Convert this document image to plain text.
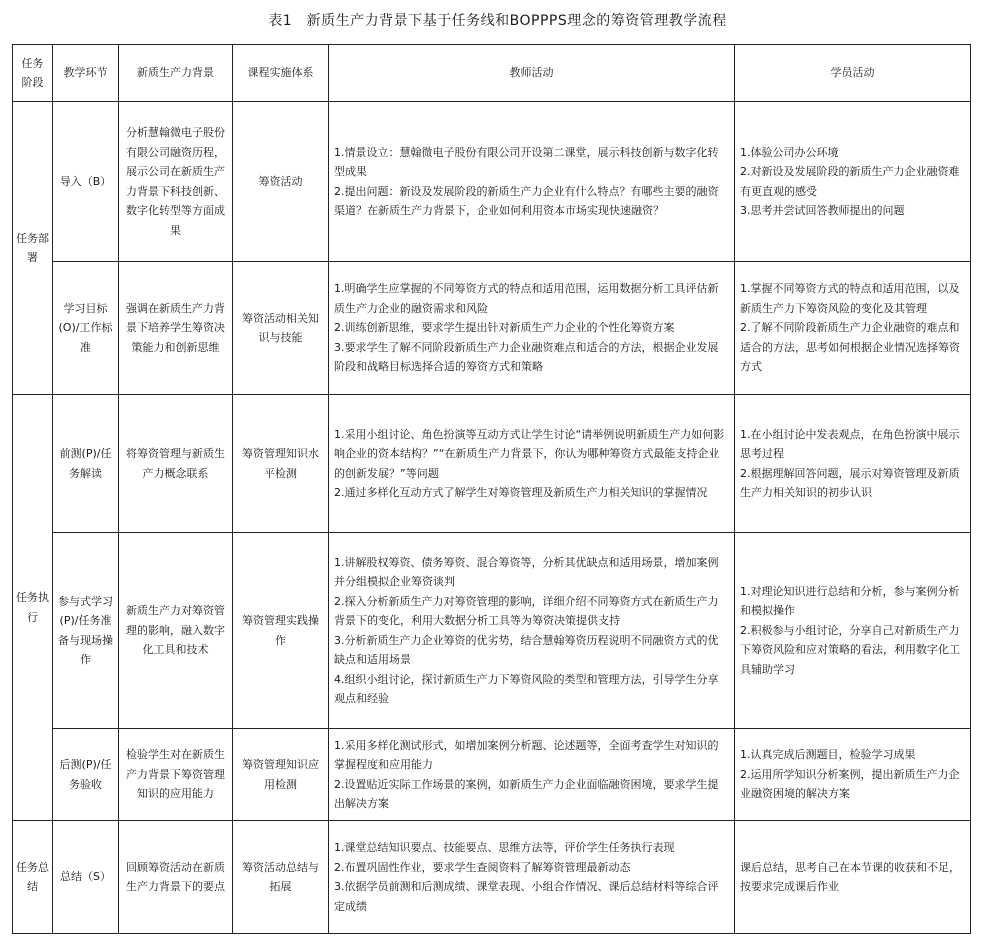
表1　新质生产力背景下基于任务线和BOPPPS理念的筹资管理教学流程
任务阶段	教学环节	新质生产力背景	课程实施体系	教师活动	学员活动
任务部署	导入（B）	分析慧翰微电子股份有限公司融资历程，展示公司在新质生产力背景下科技创新、数字化转型等方面成果	筹资活动	1.情景设立：慧翰微电子股份有限公司开设第二课堂，展示科技创新与数字化转型成果
2.提出问题：新设及发展阶段的新质生产力企业有什么特点？有哪些主要的融资渠道？在新质生产力背景下，企业如何利用资本市场实现快速融资？	1.体验公司办公环境
2.对新设及发展阶段的新质生产力企业融资难有更直观的感受
3.思考并尝试回答教师提出的问题

	学习目标(O)/工作标准	强调在新质生产力背景下培养学生筹资决策能力和创新思维	筹资活动相关知识与技能	1.明确学生应掌握的不同筹资方式的特点和适用范围，运用数据分析工具评估新质生产力企业的融资需求和风险
2.训练创新思维，要求学生提出针对新质生产力企业的个性化筹资方案
3.要求学生了解不同阶段新质生产力企业融资难点和适合的方法，根据企业发展阶段和战略目标选择合适的筹资方式和策略	1.掌握不同筹资方式的特点和适用范围，以及新质生产力下筹资风险的变化及其管理
2.了解不同阶段新质生产力企业融资的难点和适合的方法，思考如何根据企业情况选择筹资方式

任务执行	前测(P)/任务解读	将筹资管理与新质生产力概念联系	筹资管理知识水平检测	1.采用小组讨论、角色扮演等互动方式让学生讨论“请举例说明新质生产力如何影响企业的资本结构？”“在新质生产力背景下，你认为哪种筹资方式最能支持企业的创新发展？”等问题
2.通过多样化互动方式了解学生对筹资管理及新质生产力相关知识的掌握情况	1.在小组讨论中发表观点，在角色扮演中展示思考过程
2.根据理解回答问题，展示对筹资管理及新质生产力相关知识的初步认识

	参与式学习(P)/任务准备与现场操作	新质生产力对筹资管理的影响，融入数字化工具和技术	筹资管理实践操作	1.讲解股权筹资、债务筹资、混合筹资等，分析其优缺点和适用场景，增加案例并分组模拟企业筹资谈判
2.探入分析新质生产力对筹资管理的影响，详细介绍不同筹资方式在新质生产力背景下的变化，利用大数据分析工具等为筹资决策提供支持
3.分析新质生产力企业筹资的优劣势，结合慧翰筹资历程说明不同融资方式的优缺点和适用场景
4.组织小组讨论，探讨新质生产力下筹资风险的类型和管理方法，引导学生分享观点和经验	1.对理论知识进行总结和分析，参与案例分析和模拟操作
2.积极参与小组讨论，分享自己对新质生产力下筹资风险和应对策略的看法，利用数字化工具辅助学习

	后测(P)/任务验收	检验学生对在新质生产力背景下筹资管理知识的应用能力	筹资管理知识应用检测	1.采用多样化测试形式，如增加案例分析题、论述题等，全面考查学生对知识的掌握程度和应用能力
2.设置贴近实际工作场景的案例，如新质生产力企业面临融资困境，要求学生提出解决方案	1.认真完成后测题目，检验学习成果
2.运用所学知识分析案例，提出新质生产力企业融资困境的解决方案

任务总结	总结（S）	回顾筹资活动在新质生产力背景下的要点	筹资活动总结与拓展	1.课堂总结知识要点、技能要点、思维方法等，评价学生任务执行表现
2.布置巩固性作业，要求学生查阅资料了解筹资管理最新动态
3.依据学员前测和后测成绩、课堂表现、小组合作情况、课后总结材料等综合评定成绩	课后总结，思考自己在本节课的收获和不足，按要求完成课后作业
